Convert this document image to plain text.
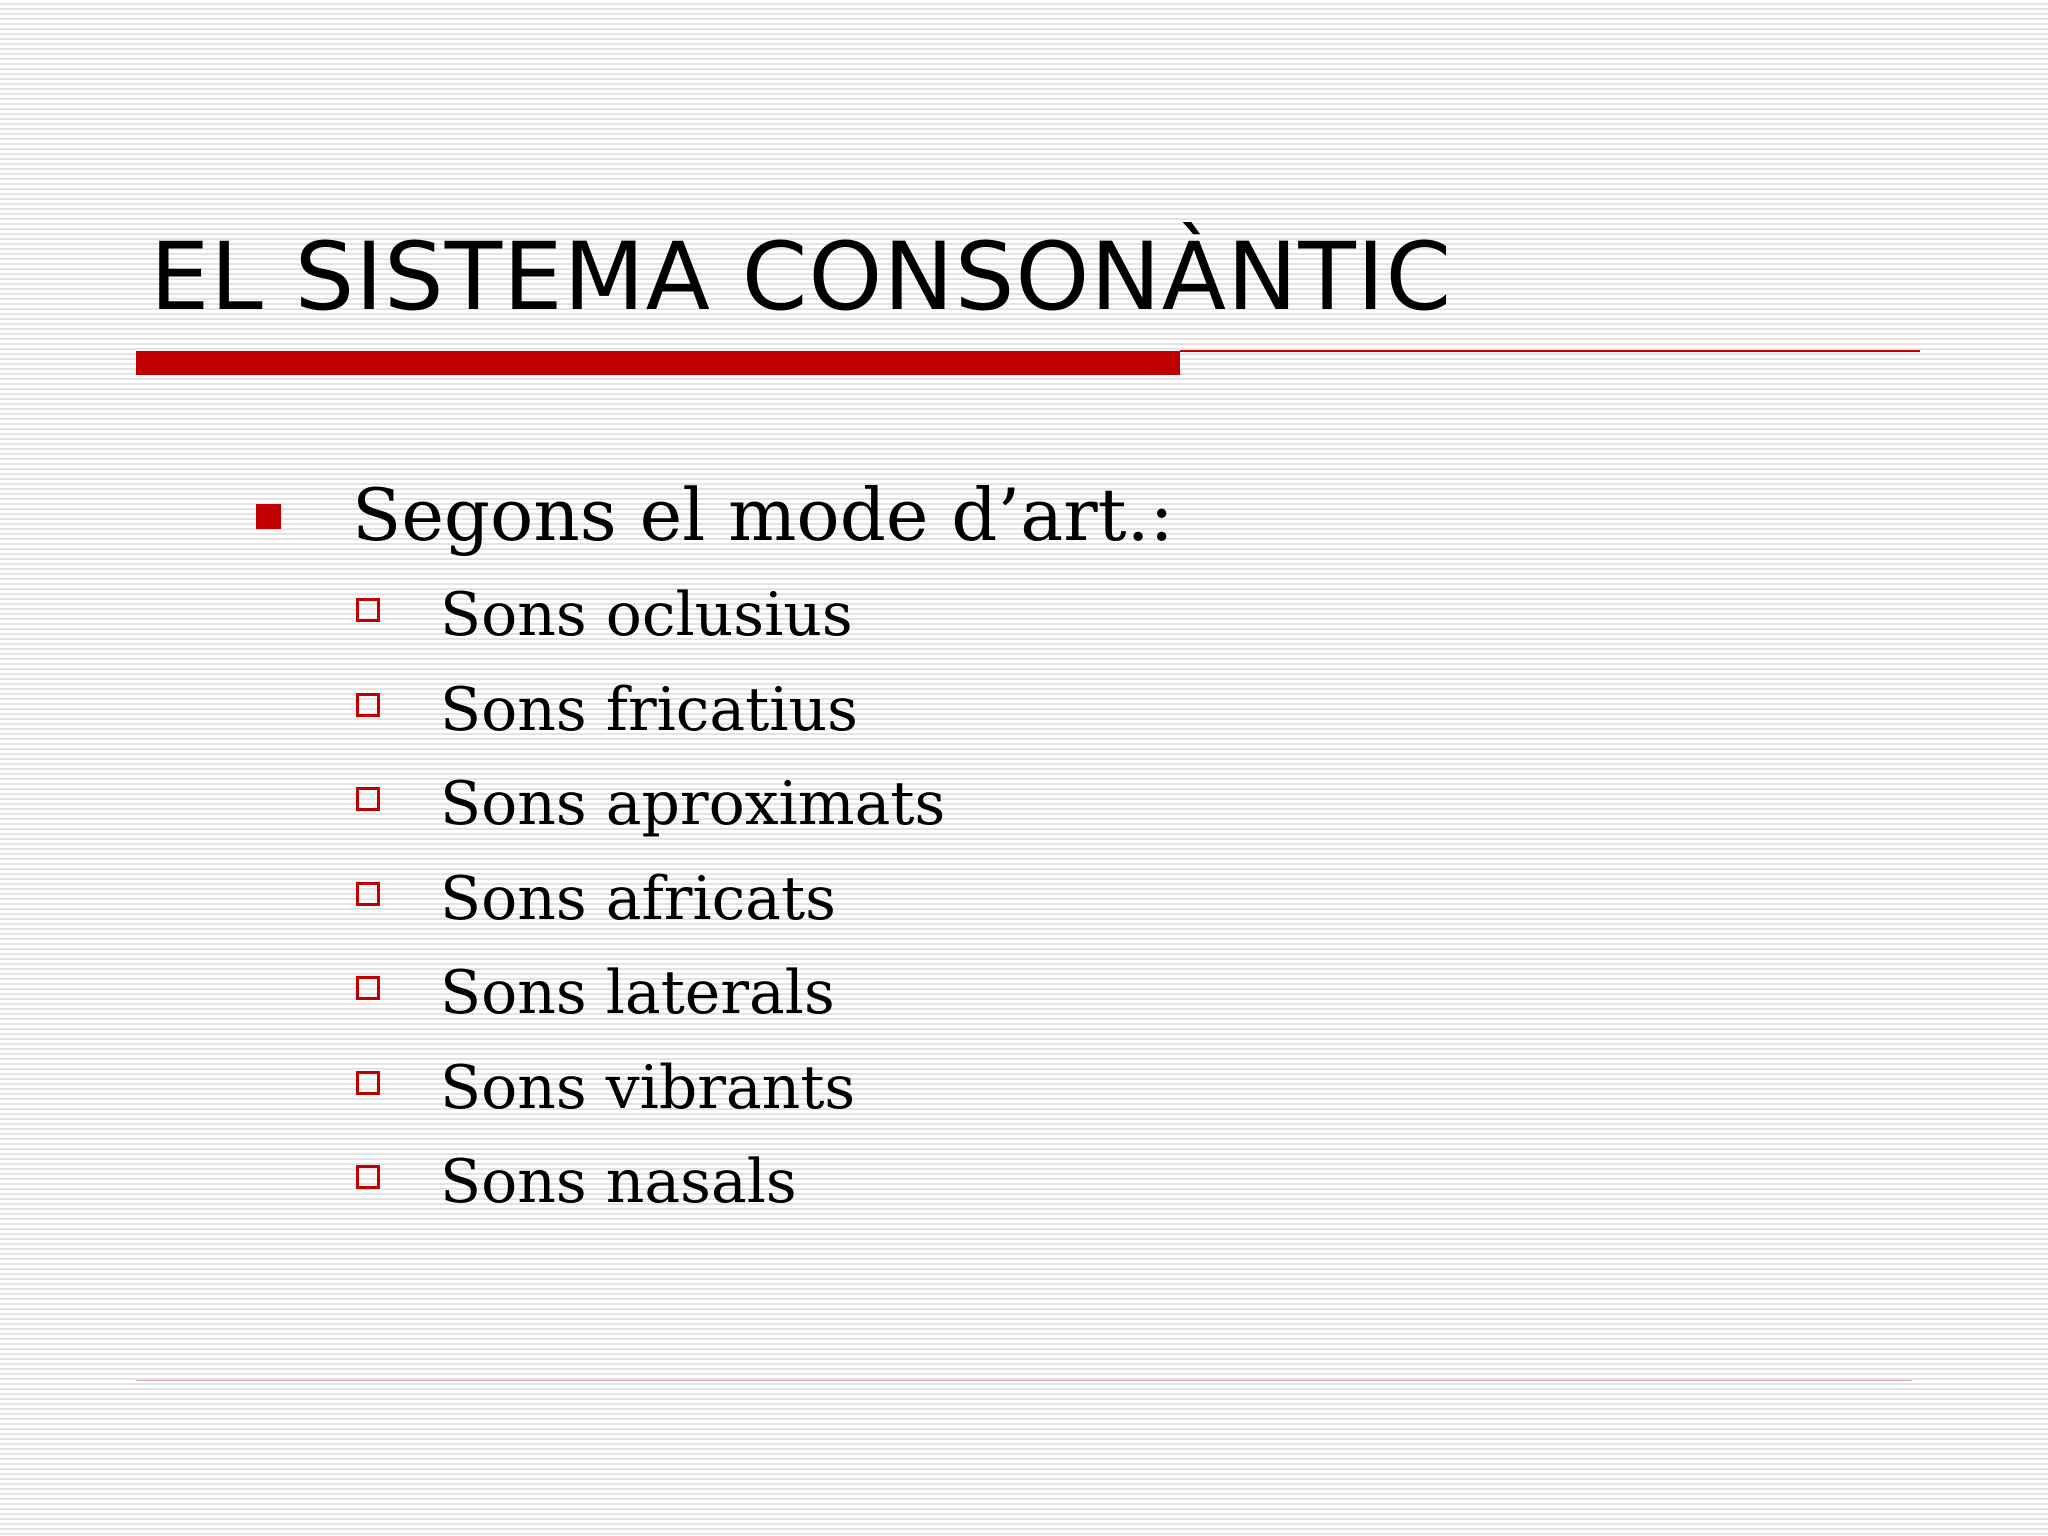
EL SISTEMA CONSONÀNTIC
Segons el mode d’art.:
Sons oclusius
Sons fricatius
Sons aproximats
Sons africats
Sons laterals
Sons vibrants
Sons nasals
